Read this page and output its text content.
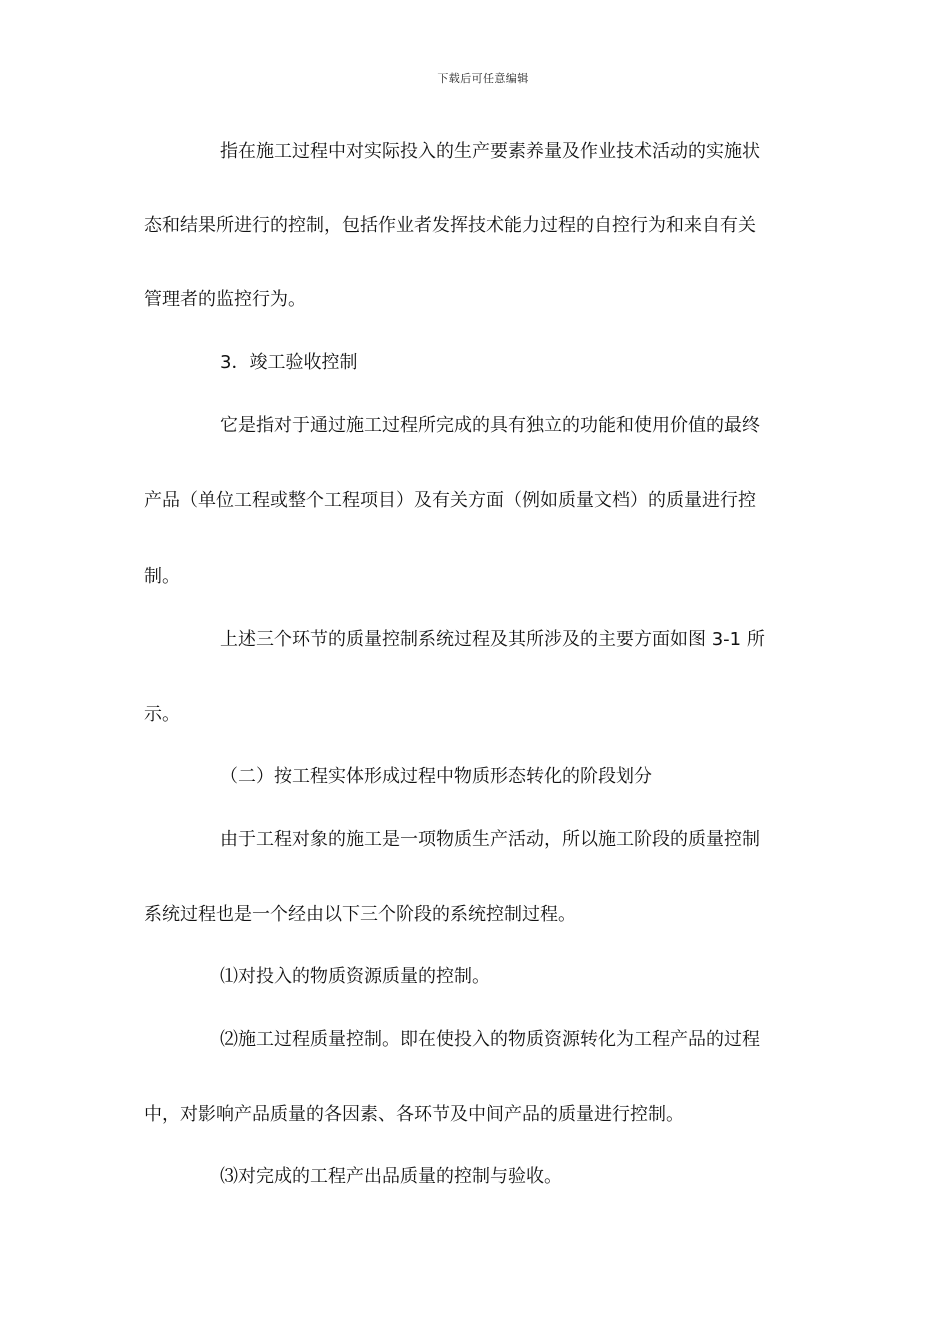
下载后可任意编辑
指在施工过程中对实际投入的生产要素养量及作业技术活动的实施状
态和结果所进行的控制，包括作业者发挥技术能力过程的自控行为和来自有关
管理者的监控行为。
3．竣工验收控制
它是指对于通过施工过程所完成的具有独立的功能和使用价值的最终
产品（单位工程或整个工程项目）及有关方面（例如质量文档）的质量进行控
制。
上述三个环节的质量控制系统过程及其所涉及的主要方面如图 3-1 所
示。
（二）按工程实体形成过程中物质形态转化的阶段划分
由于工程对象的施工是一项物质生产活动，所以施工阶段的质量控制
系统过程也是一个经由以下三个阶段的系统控制过程。
⑴对投入的物质资源质量的控制。
⑵施工过程质量控制。即在使投入的物质资源转化为工程产品的过程
中，对影响产品质量的各因素、各环节及中间产品的质量进行控制。
⑶对完成的工程产出品质量的控制与验收。
